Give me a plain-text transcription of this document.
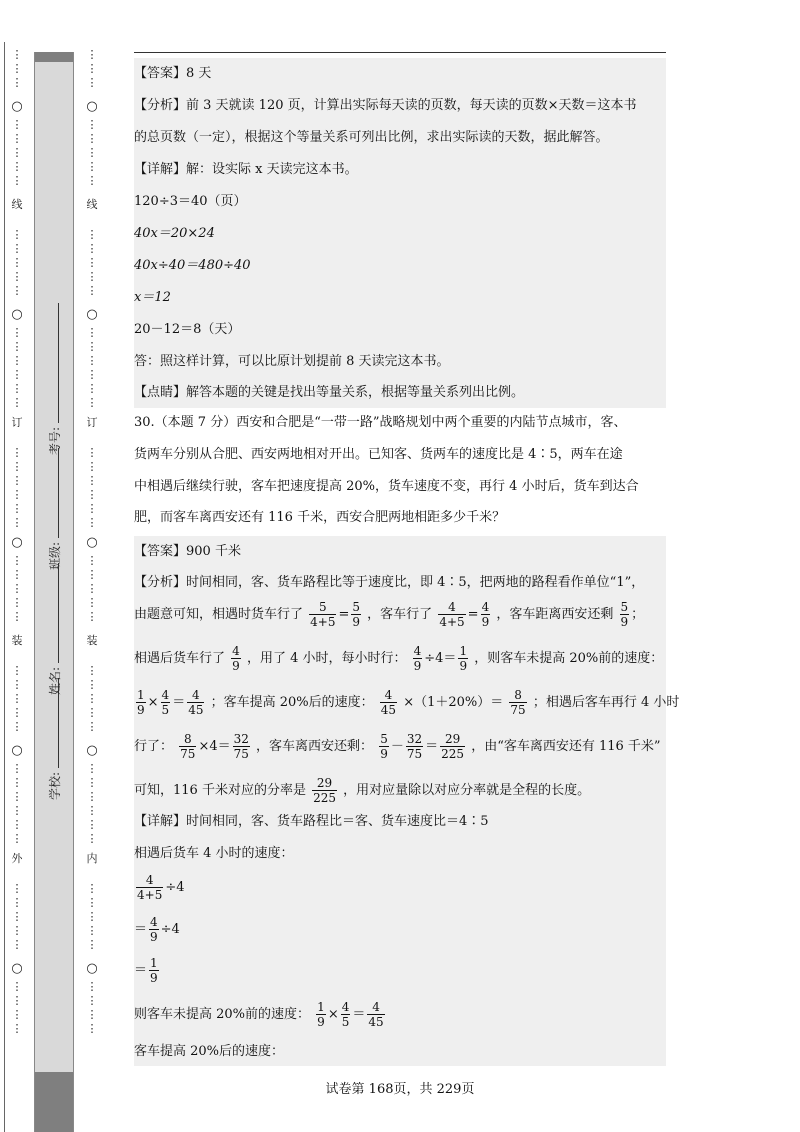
⋮
⋮
⋮
○
⋮
⋮
⋮
⋮
⋮
线
⋮
⋮
⋮
⋮
⋮
○
⋮
⋮
⋮
⋮
⋮
⋮
订
⋮
⋮
⋮
⋮
⋮
⋮
○
⋮
⋮
⋮
⋮
⋮
装
⋮
⋮
⋮
⋮
⋮
○
⋮
⋮
⋮
⋮
⋮
⋮
外
⋮
⋮
⋮
⋮
⋮
○
⋮
⋮
⋮
⋮
学校:
姓名:
班级:
考号:
⋮
⋮
⋮
○
⋮
⋮
⋮
⋮
⋮
线
⋮
⋮
⋮
⋮
⋮
○
⋮
⋮
⋮
⋮
⋮
⋮
订
⋮
⋮
⋮
⋮
⋮
⋮
○
⋮
⋮
⋮
⋮
⋮
装
⋮
⋮
⋮
⋮
⋮
○
⋮
⋮
⋮
⋮
⋮
⋮
内
⋮
⋮
⋮
⋮
⋮
○
⋮
⋮
⋮
⋮
【答案】8 天
【分析】前 3 天就读 120 页，计算出实际每天读的页数，每天读的页数×天数＝这本书
的总页数（一定），根据这个等量关系可列出比例，求出实际读的天数，据此解答。
【详解】解：设实际 x 天读完这本书。
120÷3＝40（页）
40x＝20×24
40x÷40＝480÷40
x＝12
20－12＝8（天）
答：照这样计算，可以比原计划提前 8 天读完这本书。
【点睛】解答本题的关键是找出等量关系，根据等量关系列出比例。
30.（本题 7 分）西安和合肥是“一带一路”战略规划中两个重要的内陆节点城市，客、
货两车分别从合肥、西安两地相对开出。已知客、货两车的速度比是 4∶5，两车在途
中相遇后继续行驶，客车把速度提高 20%，货车速度不变，再行 4 小时后，货车到达合
肥，而客车离西安还有 116 千米，西安合肥两地相距多少千米？
【答案】900 千米
【分析】时间相同，客、货车路程比等于速度比，即 4∶5，把两地的路程看作单位“1”，
由题意可知，相遇时货车行了 $\frac{5}{4+5} = \frac{5}{9}$ ，客车行了 $\frac{4}{4+5} = \frac{4}{9}$ ，客车距离西安还剩 $\frac{5}{9}$ ；
相遇后货车行了 $\frac{4}{9}$ ，用了 4 小时，每小时行： $\frac{4}{9} \div 4= \frac{1}{9}$ ，则客车未提高 20%前的速度：
$\frac{1}{9} \times \frac{4}{5} = \frac{4}{45}$ ；客车提高 20%后的速度： $\frac{4}{45} \times(1+20\%)= \frac{8}{75}$ ；相遇后客车再行 4 小时
行了： $\frac{8}{75} \times 4= \frac{32}{75}$ ，客车离西安还剩： $\frac{5}{9} - \frac{32}{75} = \frac{29}{225}$ ，由“客车离西安还有 116 千米”
可知，116 千米对应的分率是 $\frac{29}{225}$ ，用对应量除以对应分率就是全程的长度。
【详解】时间相同，客、货车路程比＝客、货车速度比＝4∶5
相遇后货车 4 小时的速度：
$\frac{4}{4+5} \div 4$
＝ $\frac{4}{9} \div 4$
＝ $\frac{1}{9}$
则客车未提高 20%前的速度： $\frac{1}{9} \times \frac{4}{5} = \frac{4}{45}$
客车提高 20%后的速度：
试卷第 168页，共 229页
